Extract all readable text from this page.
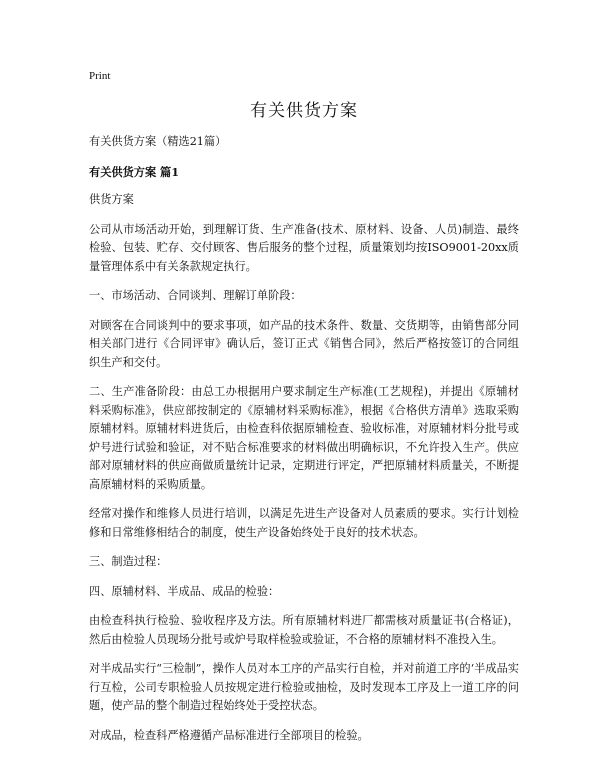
Print
有关供货方案

有关供货方案（精选21篇）

有关供货方案 篇1

供货方案

公司从市场活动开始，到理解订货、生产准备(技术、原材料、设备、人员)制造、最终检验、包装、贮存、交付顾客、售后服务的整个过程，质量策划均按ISO9001-20xx质量管理体系中有关条款规定执行。

一、市场活动、合同谈判、理解订单阶段：

对顾客在合同谈判中的要求事项，如产品的技术条件、数量、交货期等，由销售部分同相关部门进行《合同评审》确认后，签订正式《销售合同》，然后严格按签订的合同组织生产和交付。

二、生产准备阶段：由总工办根据用户要求制定生产标准(工艺规程)，并提出《原辅材料采购标准》，供应部按制定的《原辅材料采购标准》，根据《合格供方清单》选取采购原辅材料。原辅材料进货后，由检查科依据原辅检查、验收标准，对原辅材料分批号或炉号进行试验和验证，对不贴合标准要求的材料做出明确标识，不允许投入生产。供应部对原辅材料的供应商做质量统计记录，定期进行评定，严把原辅材料质量关，不断提高原辅材料的采购质量。

经常对操作和维修人员进行培训，以满足先进生产设备对人员素质的要求。实行计划检修和日常维修相结合的制度，使生产设备始终处于良好的技术状态。

三、制造过程：

四、原辅材料、半成品、成品的检验：

由检查科执行检验、验收程序及方法。所有原辅材料进厂都需核对质量证书(合格证)，然后由检验人员现场分批号或炉号取样检验或验证，不合格的原辅材料不准投入生。

对半成品实行“三检制”，操作人员对本工序的产品实行自检，并对前道工序的‘半成品实行互检，公司专职检验人员按规定进行检验或抽检，及时发现本工序及上一道工序的问题，使产品的整个制造过程始终处于受控状态。

对成品，检查科严格遵循产品标准进行全部项目的检验。
